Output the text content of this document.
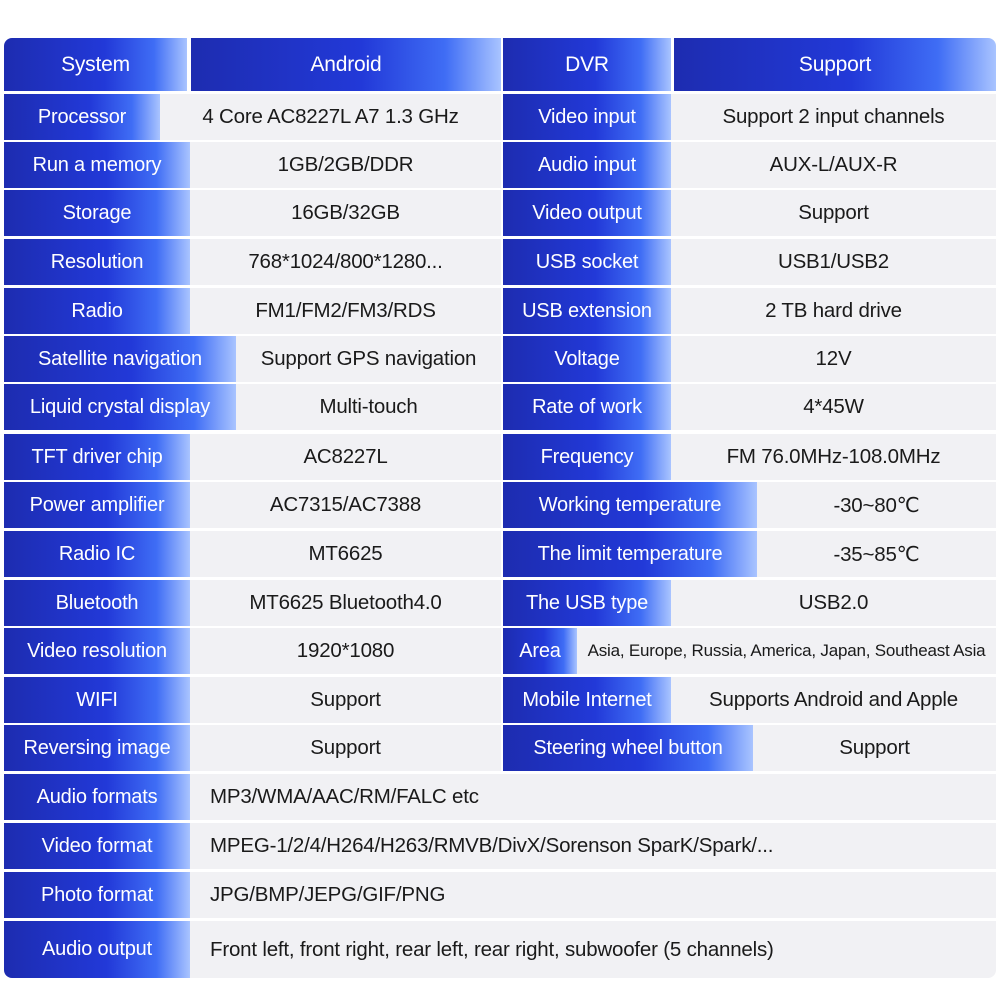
System	Android	DVR	Support
Processor	4 Core AC8227L A7 1.3 GHz	Video input	Support 2 input channels
Run a memory	1GB/2GB/DDR	Audio input	AUX-L/AUX-R
Storage	16GB/32GB	Video output	Support
Resolution	768*1024/800*1280...	USB socket	USB1/USB2
Radio	FM1/FM2/FM3/RDS	USB extension	2 TB hard drive
Satellite navigation	Support GPS navigation	Voltage	12V
Liquid crystal display	Multi-touch	Rate of work	4*45W
TFT driver chip	AC8227L	Frequency	FM 76.0MHz-108.0MHz
Power amplifier	AC7315/AC7388	Working temperature	-30~80℃
Radio IC	MT6625	The limit temperature	-35~85℃
Bluetooth	MT6625 Bluetooth4.0	The USB type	USB2.0
Video resolution	1920*1080	Area	Asia, Europe, Russia, America, Japan, Southeast Asia
WIFI	Support	Mobile Internet	Supports Android and Apple
Reversing image	Support	Steering wheel button	Support
Audio formats	MP3/WMA/AAC/RM/FALC etc
Video format	MPEG-1/2/4/H264/H263/RMVB/DivX/Sorenson SparK/Spark/...
Photo format	JPG/BMP/JEPG/GIF/PNG
Audio output	Front left, front right, rear left, rear right, subwoofer (5 channels)
